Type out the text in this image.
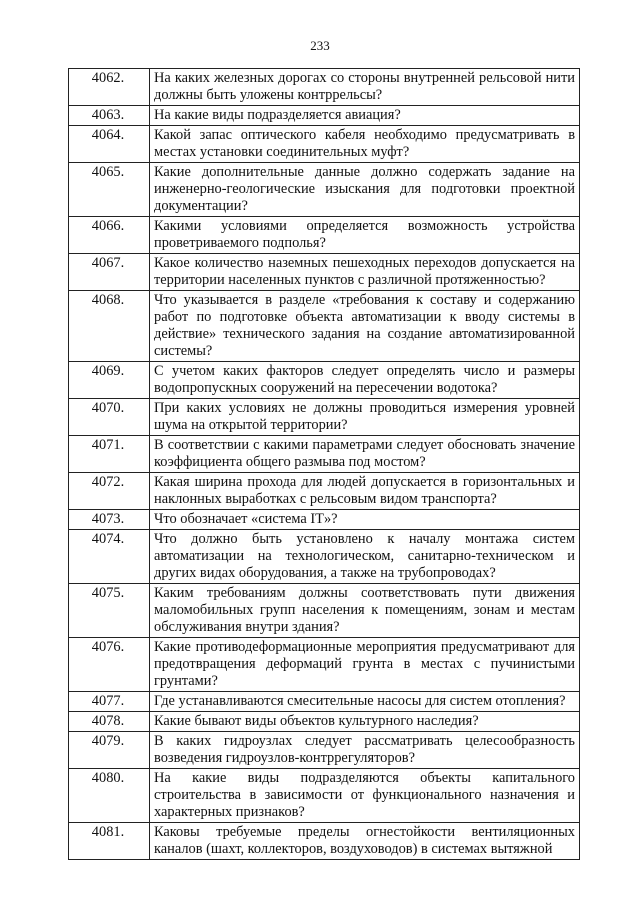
233
4062.	На каких железных дорогах со стороны внутренней рельсовой нити должны быть уложены контррельсы?
4063.	На какие виды подразделяется авиация?
4064.	Какой запас оптического кабеля необходимо предусматривать в местах установки соединительных муфт?
4065.	Какие дополнительные данные должно содержать задание на инженерно-геологические изыскания для подготовки проектной документации?
4066.	Какими условиями определяется возможность устройства проветриваемого подполья?
4067.	Какое количество наземных пешеходных переходов допускается на территории населенных пунктов с различной протяженностью?
4068.	Что указывается в разделе «требования к составу и содержанию работ по подготовке объекта автоматизации к вводу системы в действие» технического задания на создание автоматизированной системы?
4069.	С учетом каких факторов следует определять число и размеры водопропускных сооружений на пересечении водотока?
4070.	При каких условиях не должны проводиться измерения уровней шума на открытой территории?
4071.	В соответствии с какими параметрами следует обосновать значение коэффициента общего размыва под мостом?
4072.	Какая ширина прохода для людей допускается в горизонтальных и наклонных выработках с рельсовым видом транспорта?
4073.	Что обозначает «система IT»?
4074.	Что должно быть установлено к началу монтажа систем автоматизации на технологическом, санитарно-техническом и других видах оборудования, а также на трубопроводах?
4075.	Каким требованиям должны соответствовать пути движения маломобильных групп населения к помещениям, зонам и местам обслуживания внутри здания?
4076.	Какие противодеформационные мероприятия предусматривают для предотвращения деформаций грунта в местах с пучинистыми грунтами?
4077.	Где устанавливаются смесительные насосы для систем отопления?
4078.	Какие бывают виды объектов культурного наследия?
4079.	В каких гидроузлах следует рассматривать целесообразность возведения гидроузлов-контррегуляторов?
4080.	На какие виды подразделяются объекты капитального строительства в зависимости от функционального назначения и характерных признаков?
4081.	Каковы требуемые пределы огнестойкости вентиляционных каналов (шахт, коллекторов, воздуховодов) в системах вытяжной
